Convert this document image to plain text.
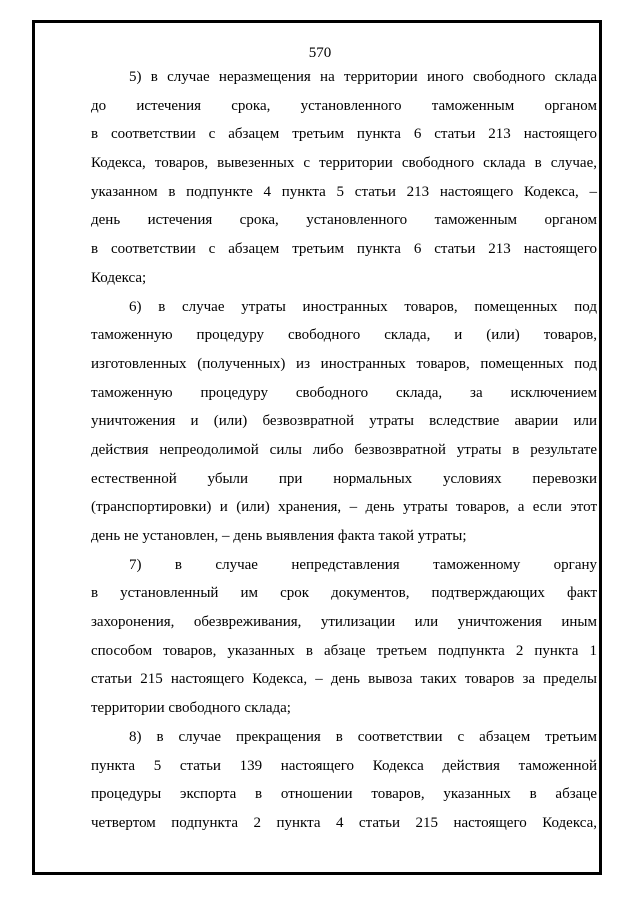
570
5) в случае неразмещения на территории иного свободного склада
до истечения срока, установленного таможенным органом
в соответствии с абзацем третьим пункта 6 статьи 213 настоящего
Кодекса, товаров, вывезенных с территории свободного склада в случае,
указанном в подпункте 4 пункта 5 статьи 213 настоящего Кодекса, –
день истечения срока, установленного таможенным органом
в соответствии с абзацем третьим пункта 6 статьи 213 настоящего
Кодекса;
6) в случае утраты иностранных товаров, помещенных под
таможенную процедуру свободного склада, и (или) товаров,
изготовленных (полученных) из иностранных товаров, помещенных под
таможенную процедуру свободного склада, за исключением
уничтожения и (или) безвозвратной утраты вследствие аварии или
действия непреодолимой силы либо безвозвратной утраты в результате
естественной убыли при нормальных условиях перевозки
(транспортировки) и (или) хранения, – день утраты товаров, а если этот
день не установлен, – день выявления факта такой утраты;
7) в случае непредставления таможенному органу
в установленный им срок документов, подтверждающих факт
захоронения, обезвреживания, утилизации или уничтожения иным
способом товаров, указанных в абзаце третьем подпункта 2 пункта 1
статьи 215 настоящего Кодекса, – день вывоза таких товаров за пределы
территории свободного склада;
8) в случае прекращения в соответствии с абзацем третьим
пункта 5 статьи 139 настоящего Кодекса действия таможенной
процедуры экспорта в отношении товаров, указанных в абзаце
четвертом подпункта 2 пункта 4 статьи 215 настоящего Кодекса,
